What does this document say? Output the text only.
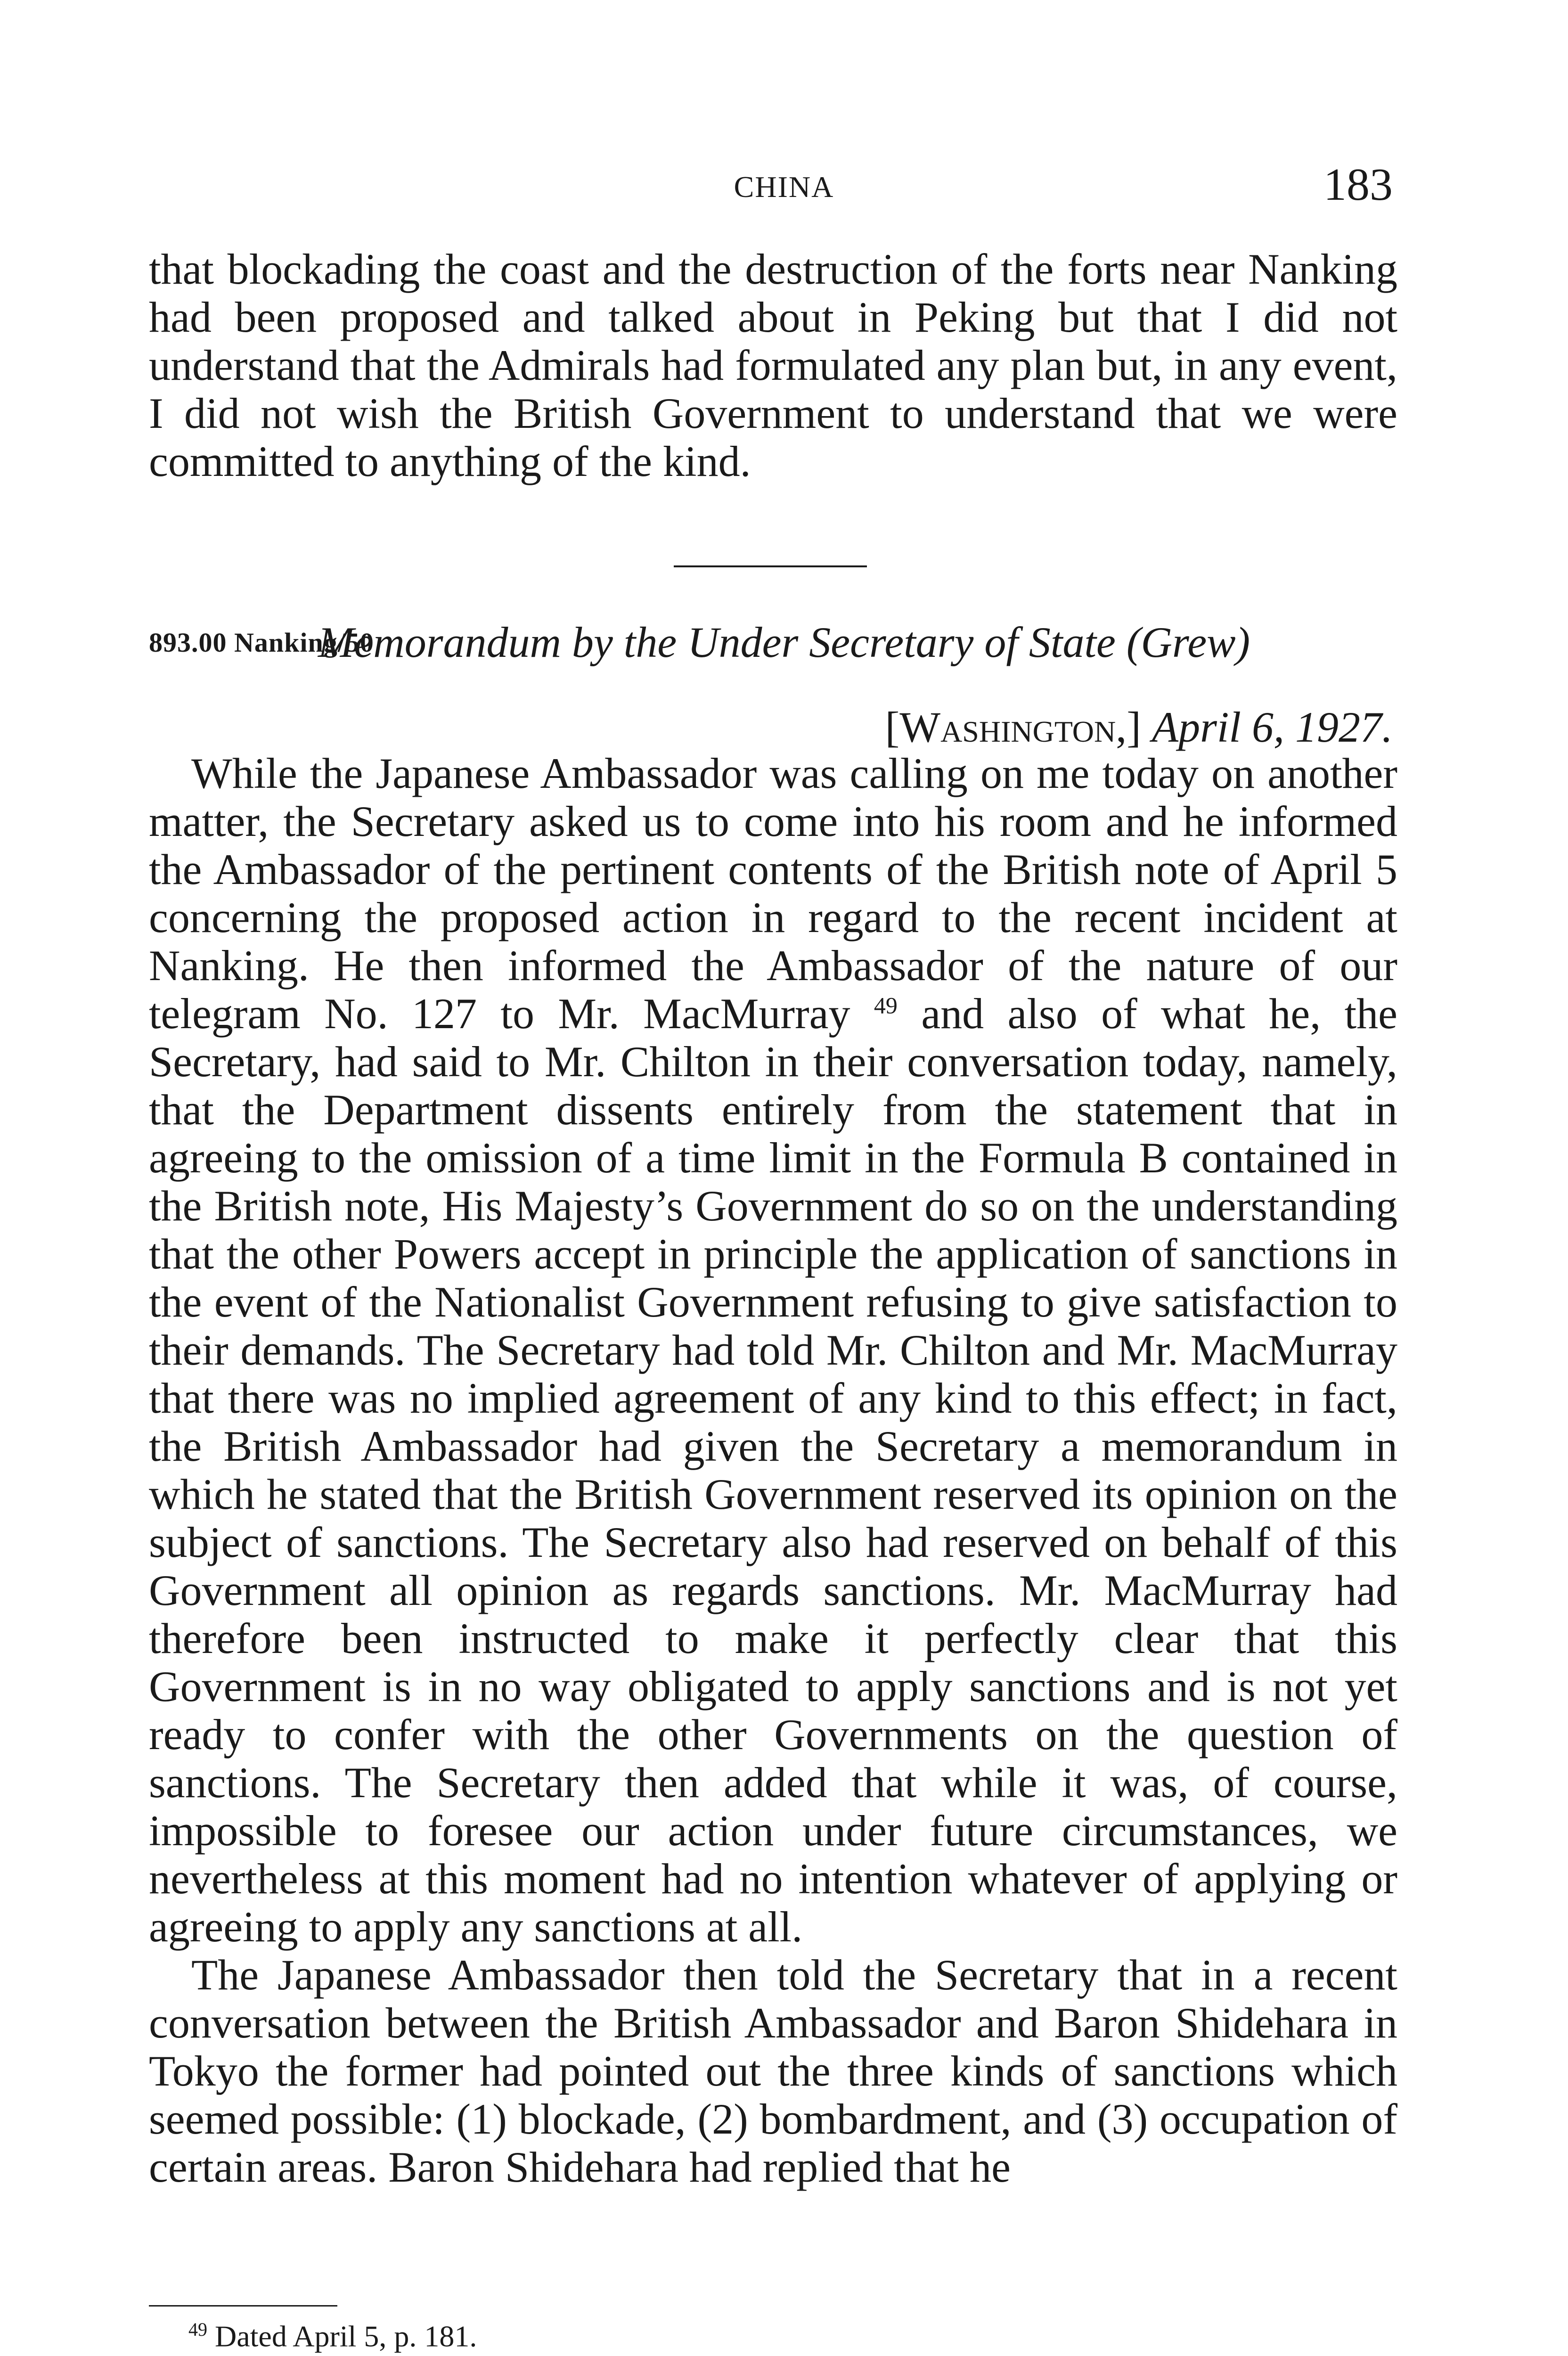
CHINA	183

that blockading the coast and the destruction of the forts near Nanking had been proposed and talked about in Peking but that I did not understand that the Admirals had formulated any plan but, in any event, I did not wish the British Government to understand that we were committed to anything of the kind.

893.00 Nanking/50
Memorandum by the Under Secretary of State (Grew)
[Washington,] April 6, 1927.

While the Japanese Ambassador was calling on me today on another matter, the Secretary asked us to come into his room and he informed the Ambassador of the pertinent contents of the British note of April 5 concerning the proposed action in regard to the recent incident at Nanking. He then informed the Ambassador of the nature of our telegram No. 127 to Mr. MacMurray $^{49}$ and also of what he, the Secretary, had said to Mr. Chilton in their conversation today, namely, that the Department dissents entirely from the statement that in agreeing to the omission of a time limit in the Formula B contained in the British note, His Majesty’s Government do so on the understanding that the other Powers accept in principle the application of sanctions in the event of the Nationalist Government refusing to give satisfaction to their demands. The Secretary had told Mr. Chilton and Mr. MacMurray that there was no implied agreement of any kind to this effect; in fact, the British Ambassador had given the Secretary a memorandum in which he stated that the British Government reserved its opinion on the subject of sanctions. The Secretary also had reserved on behalf of this Government all opinion as regards sanctions. Mr. MacMurray had therefore been instructed to make it perfectly clear that this Government is in no way obligated to apply sanctions and is not yet ready to confer with the other Governments on the question of sanctions. The Secretary then added that while it was, of course, impossible to foresee our action under future circumstances, we nevertheless at this moment had no intention whatever of applying or agreeing to apply any sanctions at all.

The Japanese Ambassador then told the Secretary that in a recent conversation between the British Ambassador and Baron Shidehara in Tokyo the former had pointed out the three kinds of sanctions which seemed possible: (1) blockade, (2) bombardment, and (3) occupation of certain areas. Baron Shidehara had replied that he

$^{49}$ Dated April 5, p. 181.
